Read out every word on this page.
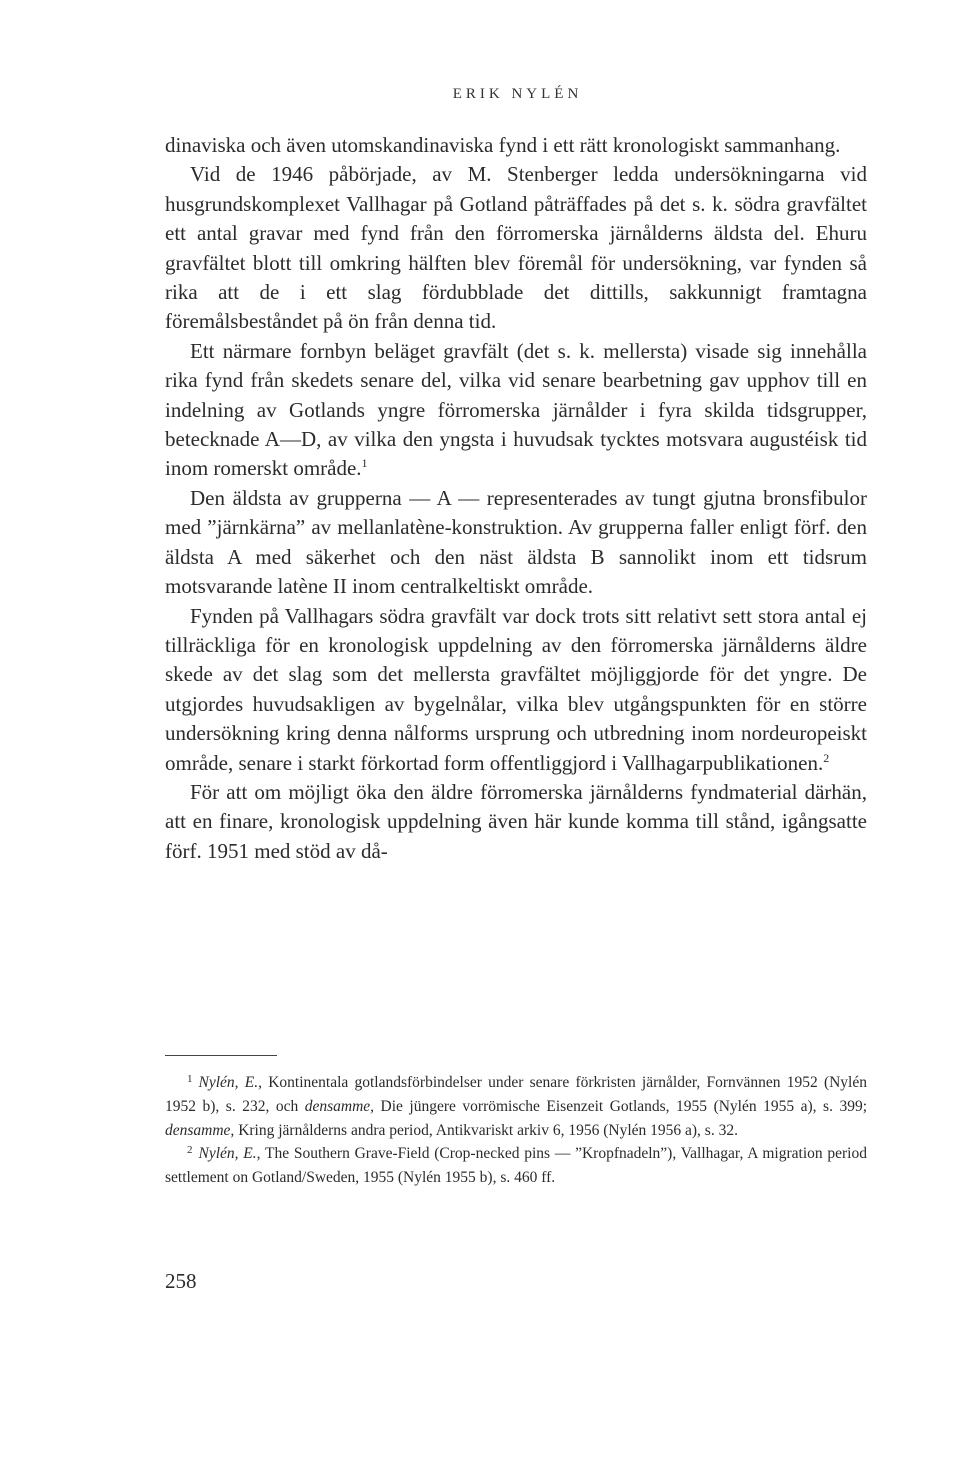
ERIK NYLÉN

dinaviska och även utomskandinaviska fynd i ett rätt kronologiskt sammanhang.

Vid de 1946 påbörjade, av M. Stenberger ledda undersökningarna vid husgrundskomplexet Vallhagar på Gotland påträffades på det s. k. södra gravfältet ett antal gravar med fynd från den förromerska järnålderns äldsta del. Ehuru gravfältet blott till omkring hälften blev föremål för undersökning, var fynden så rika att de i ett slag fördubblade det dittills, sakkunnigt framtagna föremålsbeståndet på ön från denna tid.

Ett närmare fornbyn beläget gravfält (det s. k. mellersta) visade sig innehålla rika fynd från skedets senare del, vilka vid senare bearbetning gav upphov till en indelning av Gotlands yngre förromerska järnålder i fyra skilda tidsgrupper, betecknade A—D, av vilka den yngsta i huvudsak tycktes motsvara augustéisk tid inom romerskt område.$^1$

Den äldsta av grupperna — A — representerades av tungt gjutna bronsfibulor med ”järnkärna” av mellanlatène-konstruktion. Av grupperna faller enligt förf. den äldsta A med säkerhet och den näst äldsta B sannolikt inom ett tidsrum motsvarande latène II inom centralkeltiskt område.

Fynden på Vallhagars södra gravfält var dock trots sitt relativt sett stora antal ej tillräckliga för en kronologisk uppdelning av den förromerska järnålderns äldre skede av det slag som det mellersta gravfältet möjliggjorde för det yngre. De utgjordes huvudsakligen av bygelnålar, vilka blev utgångspunkten för en större undersökning kring denna nålforms ursprung och utbredning inom nordeuropeiskt område, senare i starkt förkortad form offentliggjord i Vallhagarpublikationen.$^2$

För att om möjligt öka den äldre förromerska järnålderns fyndmaterial därhän, att en finare, kronologisk uppdelning även här kunde komma till stånd, igångsatte förf. 1951 med stöd av då-

$^1$ Nylén, E., Kontinentala gotlandsförbindelser under senare förkristen järnålder, Fornvännen 1952 (Nylén 1952 b), s. 232, och densamme, Die jüngere vorrömische Eisenzeit Gotlands, 1955 (Nylén 1955 a), s. 399; densamme, Kring järnålderns andra period, Antikvariskt arkiv 6, 1956 (Nylén 1956 a), s. 32.

$^2$ Nylén, E., The Southern Grave-Field (Crop-necked pins — ”Kropfnadeln”), Vallhagar, A migration period settlement on Gotland/Sweden, 1955 (Nylén 1955 b), s. 460 ff.

258
